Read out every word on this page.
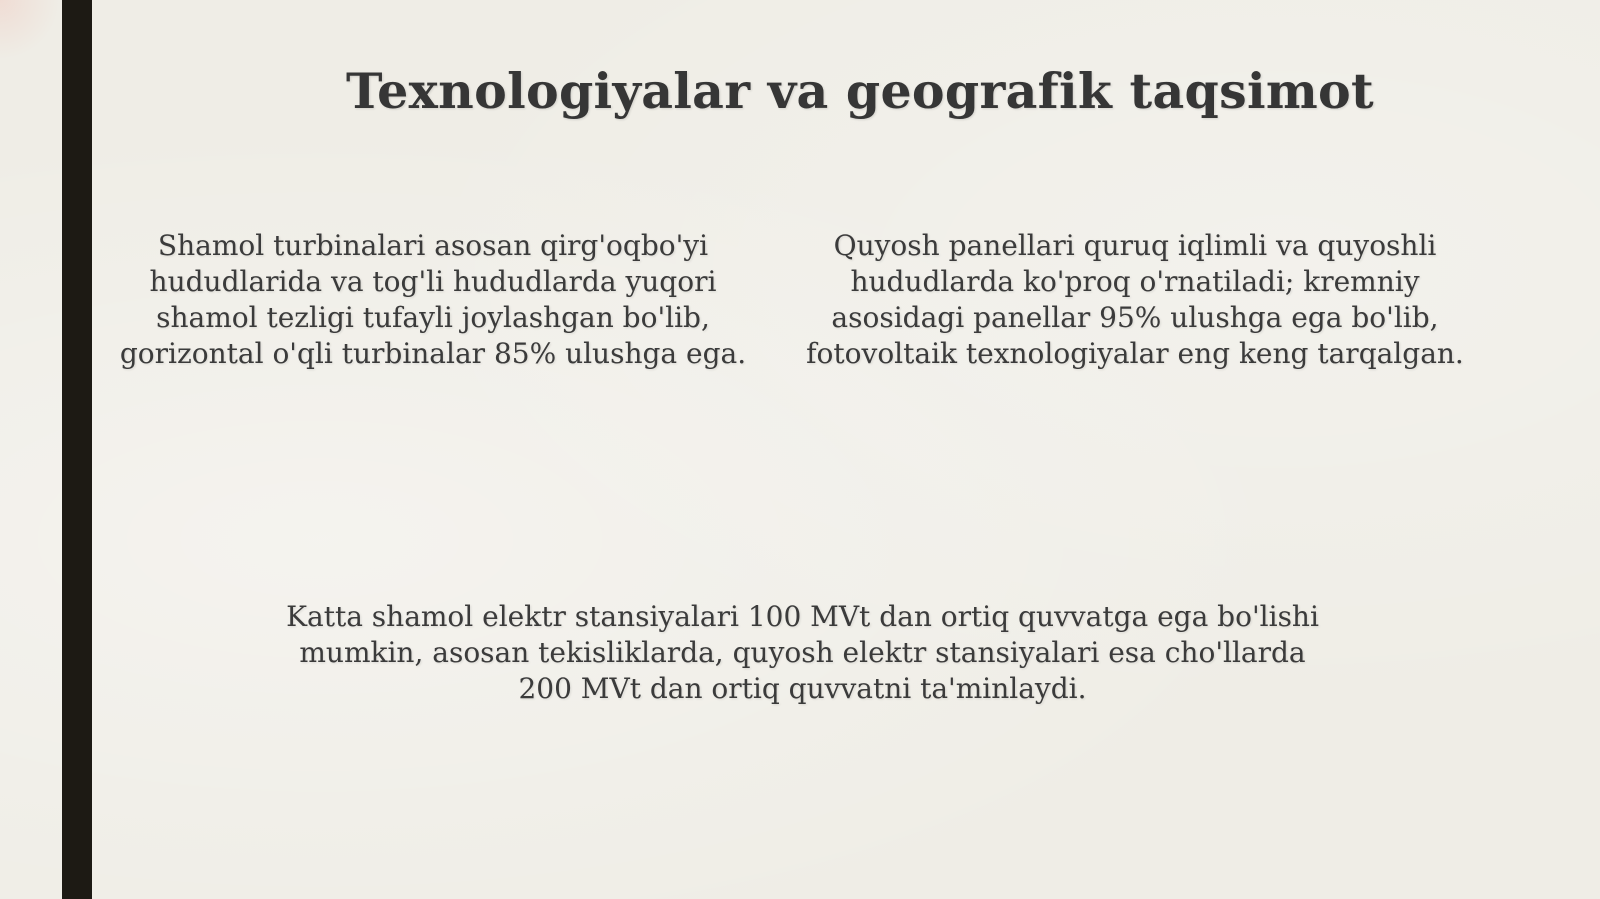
Texnologiyalar va geografik taqsimot

Shamol turbinalari asosan qirg'oqbo'yi hududlarida va tog'li hududlarda yuqori shamol tezligi tufayli joylashgan bo'lib, gorizontal o'qli turbinalar 85% ulushga ega.

Quyosh panellari quruq iqlimli va quyoshli hududlarda ko'proq o'rnatiladi; kremniy asosidagi panellar 95% ulushga ega bo'lib, fotovoltaik texnologiyalar eng keng tarqalgan.

Katta shamol elektr stansiyalari 100 MVt dan ortiq quvvatga ega bo'lishi mumkin, asosan tekisliklarda, quyosh elektr stansiyalari esa cho'llarda 200 MVt dan ortiq quvvatni ta'minlaydi.
